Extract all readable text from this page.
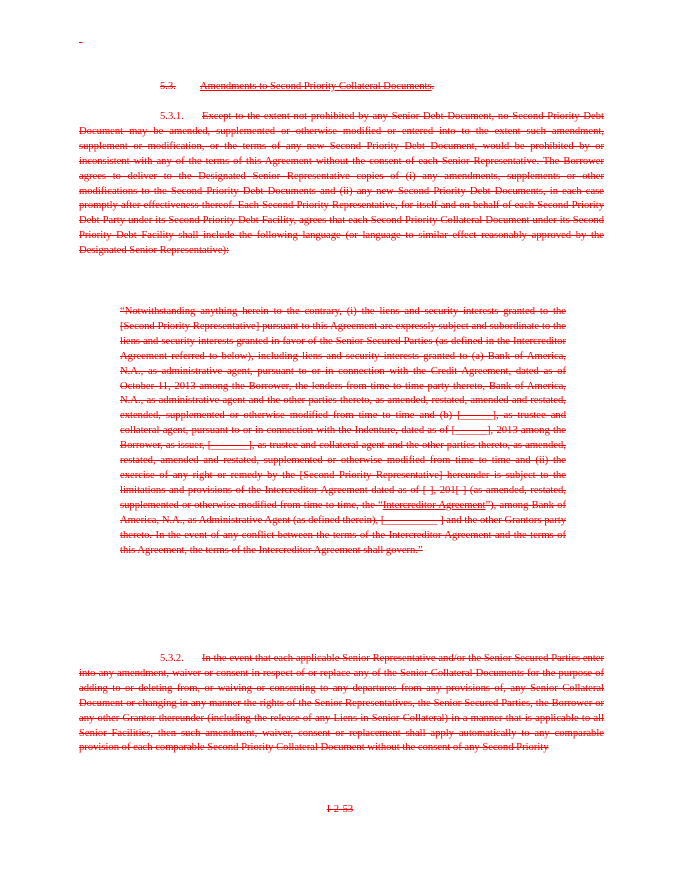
-
5.3. Amendments to Second Priority Collateral Documents.

5.3.1. Except to the extent not prohibited by any Senior Debt Document, no Second Priority Debt Document may be amended, supplemented or otherwise modified or entered into to the extent such amendment, supplement or modification, or the terms of any new Second Priority Debt Document, would be prohibited by or inconsistent with any of the terms of this Agreement without the consent of each Senior Representative. The Borrower agrees to deliver to the Designated Senior Representative copies of (i) any amendments, supplements or other modifications to the Second Priority Debt Documents and (ii) any new Second Priority Debt Documents, in each case promptly after effectiveness thereof. Each Second Priority Representative, for itself and on behalf of each Second Priority Debt Party under its Second Priority Debt Facility, agrees that each Second Priority Collateral Document under its Second Priority Debt Facility shall include the following language (or language to similar effect reasonably approved by the Designated Senior Representative):

“Notwithstanding anything herein to the contrary, (i) the liens and security interests granted to the [Second Priority Representative] pursuant to this Agreement are expressly subject and subordinate to the liens and security interests granted in favor of the Senior Secured Parties (as defined in the Intercreditor Agreement referred to below), including liens and security interests granted to (a) Bank of America, N.A., as administrative agent, pursuant to or in connection with the Credit Agreement, dated as of October 11, 2013 among the Borrower, the lenders from time to time party thereto, Bank of America, N.A., as administrative agent and the other parties thereto, as amended, restated, amended and restated, extended, supplemented or otherwise modified from time to time and (b) [______], as trustee and collateral agent, pursuant to or in connection with the Indenture, dated as of [______], 2013 among the Borrower, as issuer, [_______], as trustee and collateral agent and the other parties thereto, as amended, restated, amended and restated, supplemented or otherwise modified from time to time and (ii) the exercise of any right or remedy by the [Second Priority Representative] hereunder is subject to the limitations and provisions of the Intercreditor Agreement dated as of [ ], 201[ ] (as amended, restated, supplemented or otherwise modified from time to time, the “Intercreditor Agreement”), among Bank of America, N.A., as Administrative Agent (as defined therein), [__________ ] and the other Grantors party thereto. In the event of any conflict between the terms of the Intercreditor Agreement and the terms of this Agreement, the terms of the Intercreditor Agreement shall govern.”

5.3.2. In the event that each applicable Senior Representative and/or the Senior Secured Parties enter into any amendment, waiver or consent in respect of or replace any of the Senior Collateral Documents for the purpose of adding to or deleting from, or waiving or consenting to any departures from any provisions of, any Senior Collateral Document or changing in any manner the rights of the Senior Representatives, the Senior Secured Parties, the Borrower or any other Grantor thereunder (including the release of any Liens in Senior Collateral) in a manner that is applicable to all Senior Facilities, then such amendment, waiver, consent or replacement shall apply automatically to any comparable provision of each comparable Second Priority Collateral Document without the consent of any Second Priority

I-2-53
